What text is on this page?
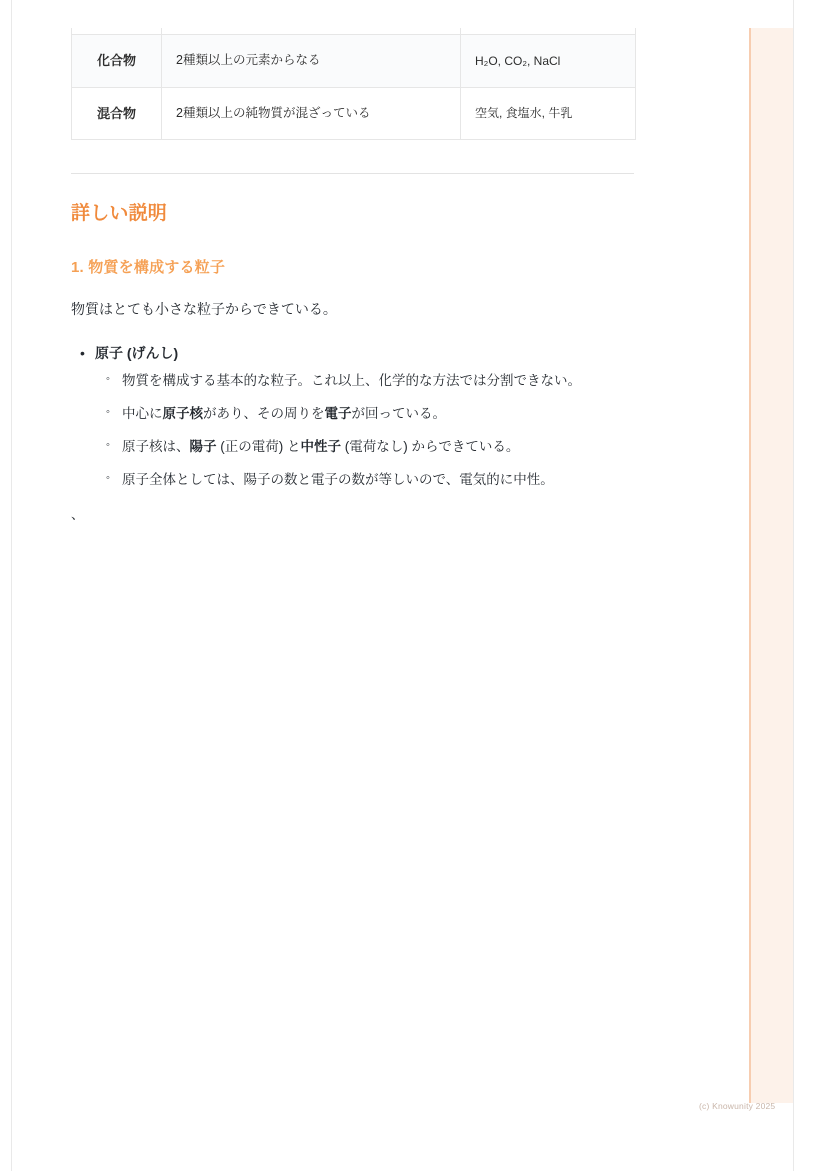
化合物	2種類以上の元素からなる	H₂O, CO₂, NaCl
混合物	2種類以上の純物質が混ざっている	空気, 食塩水, 牛乳
詳しい説明
1. 物質を構成する粒子

物質はとても小さな粒子からできている。

• 原子 (げんし)
◦ 物質を構成する基本的な粒子。これ以上、化学的な方法では分割できない。
◦ 中心に原子核があり、その周りを電子が回っている。
◦ 原子核は、陽子 (正の電荷) と中性子 (電荷なし) からできている。
◦ 原子全体としては、陽子の数と電子の数が等しいので、電気的に中性。

、

(c) Knowunity 2025
